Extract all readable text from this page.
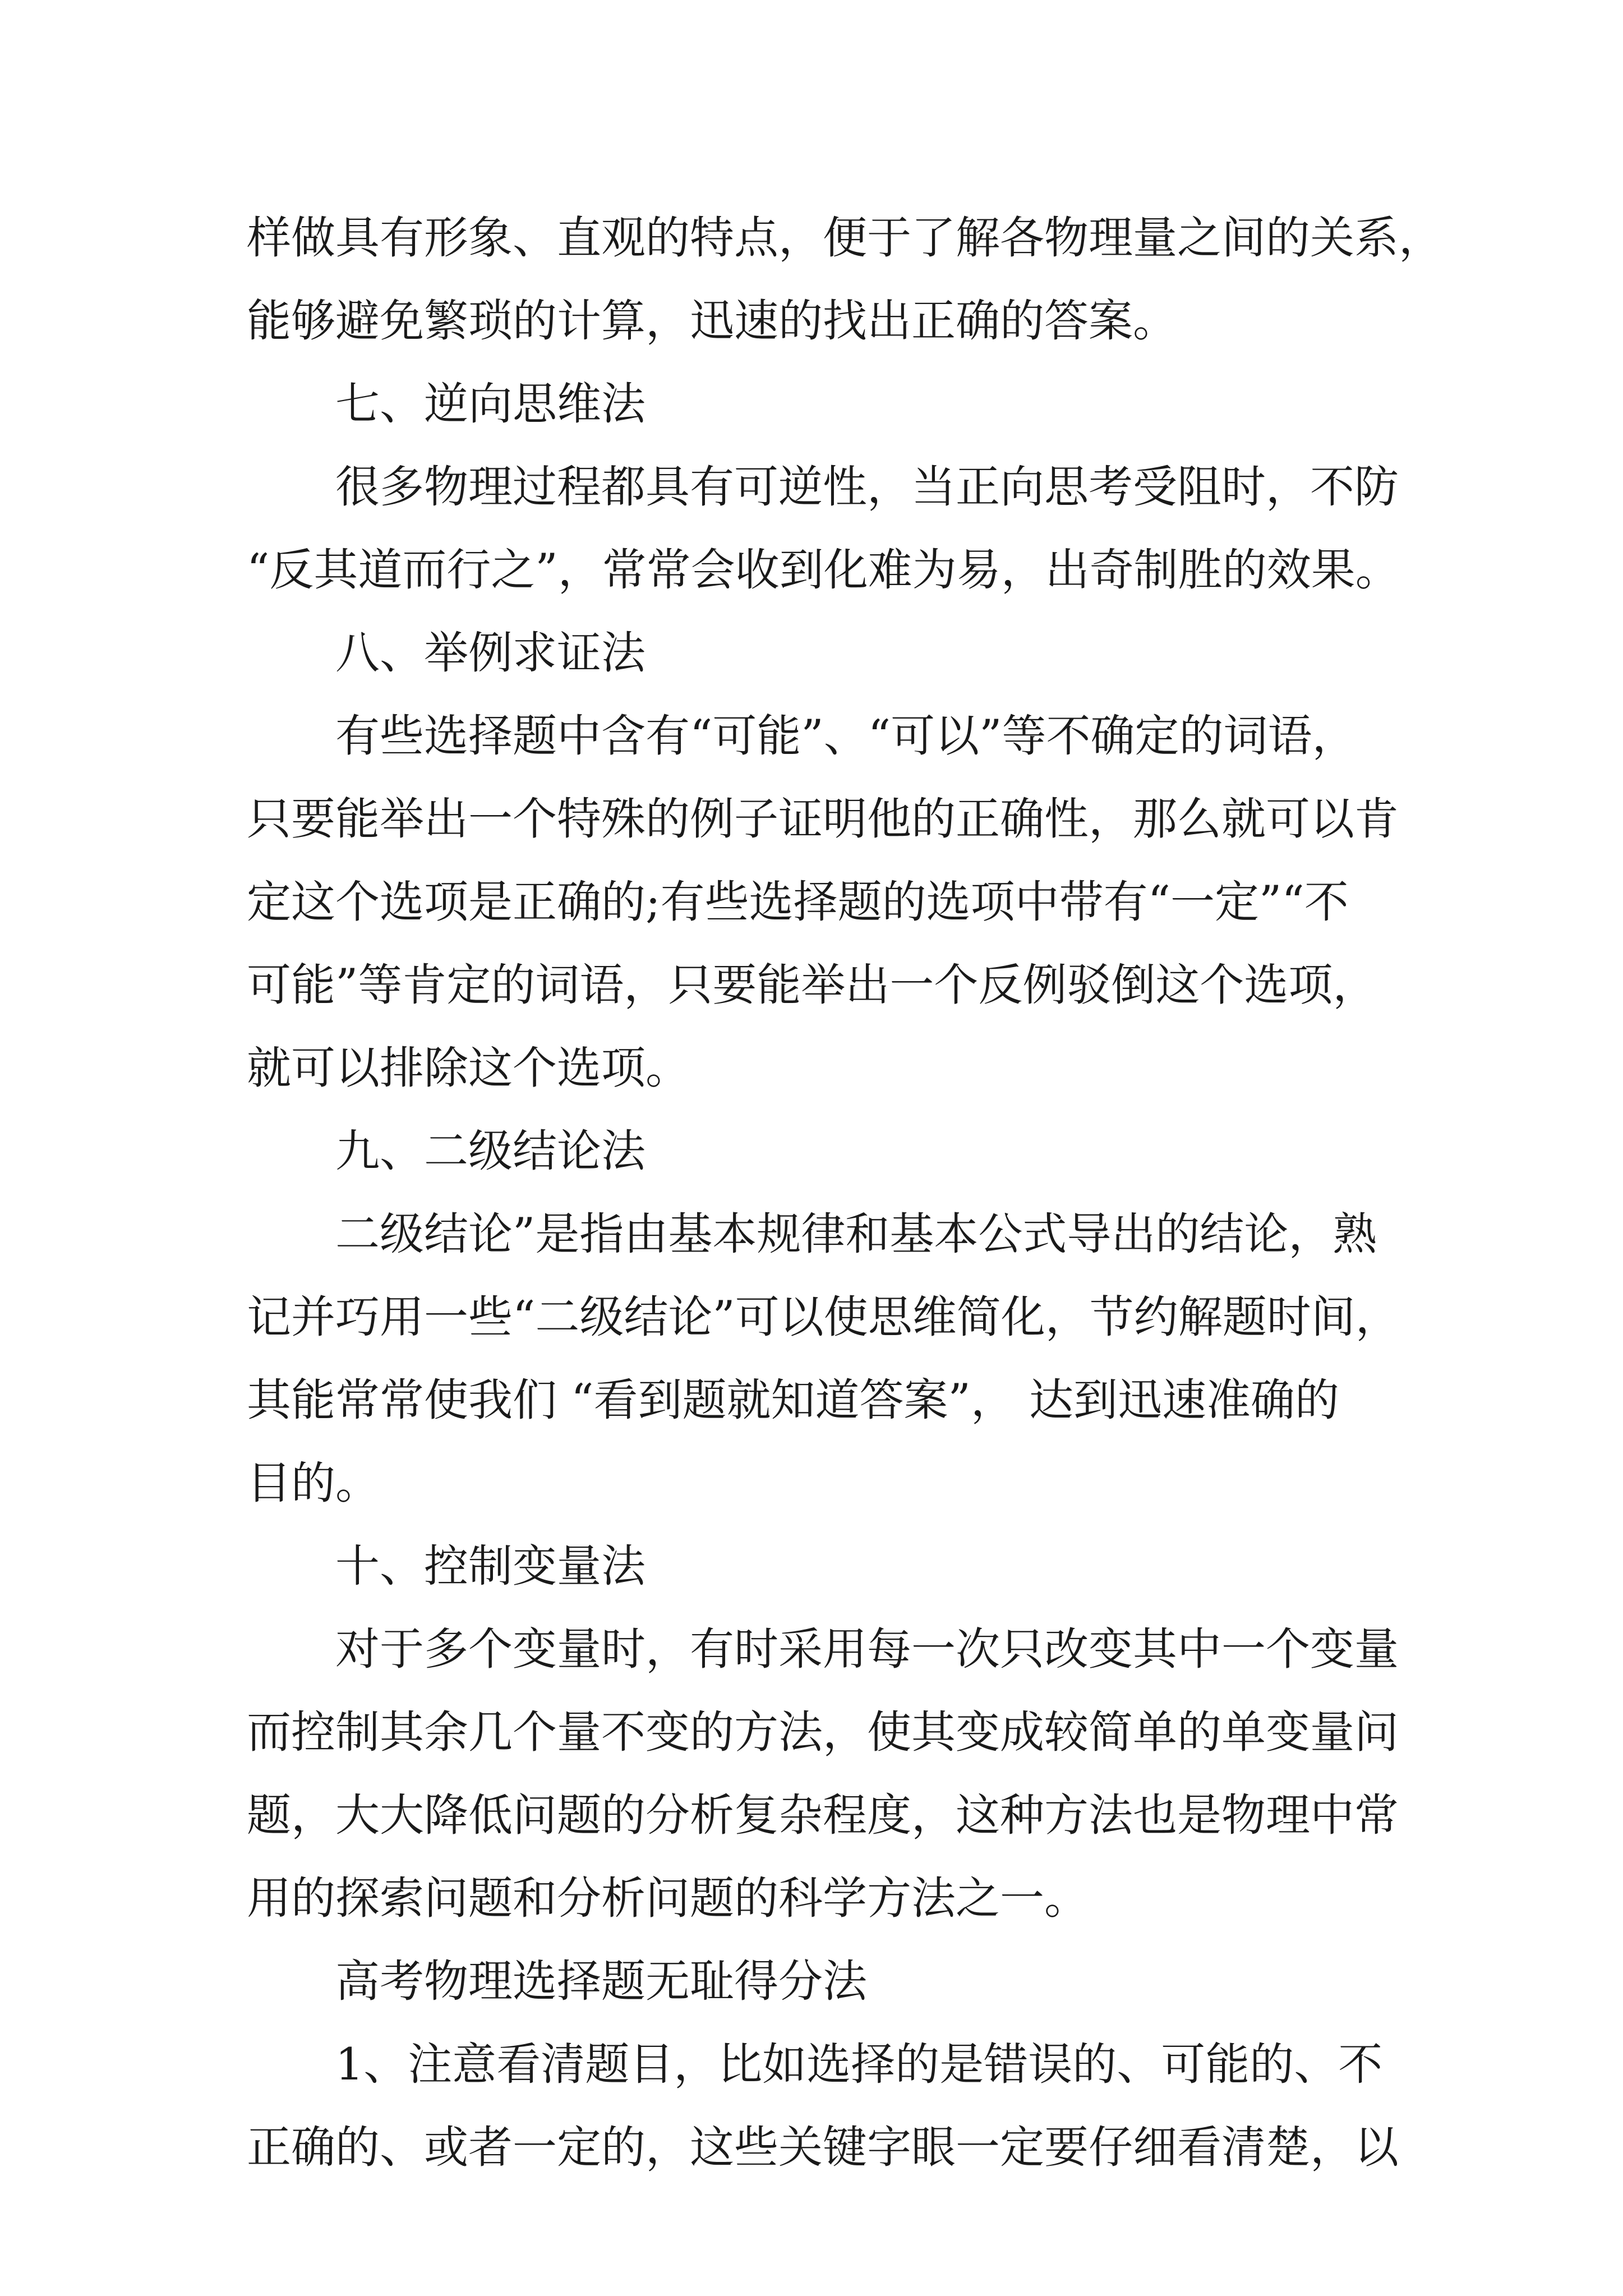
样做具有形象、直观的特点，便于了解各物理量之间的关系，
能够避免繁琐的计算，迅速的找出正确的答案。
七、逆向思维法
很多物理过程都具有可逆性，当正向思考受阻时，不防
“反其道而行之”，常常会收到化难为易，出奇制胜的效果。
八、举例求证法
有些选择题中含有“可能”、“可以”等不确定的词语，
只要能举出一个特殊的例子证明他的正确性，那么就可以肯
定这个选项是正确的;有些选择题的选项中带有“一定”“不
可能”等肯定的词语，只要能举出一个反例驳倒这个选项，
就可以排除这个选项。
九、二级结论法
二级结论”是指由基本规律和基本公式导出的结论，熟
记并巧用一些“二级结论”可以使思维简化，节约解题时间，
其能常常使我们 “看到题就知道答案”， 达到迅速准确的
目的。
十、控制变量法
对于多个变量时，有时采用每一次只改变其中一个变量
而控制其余几个量不变的方法，使其变成较简单的单变量问
题，大大降低问题的分析复杂程度，这种方法也是物理中常
用的探索问题和分析问题的科学方法之一。
高考物理选择题无耻得分法
1、注意看清题目，比如选择的是错误的、可能的、不
正确的、或者一定的，这些关键字眼一定要仔细看清楚，以
